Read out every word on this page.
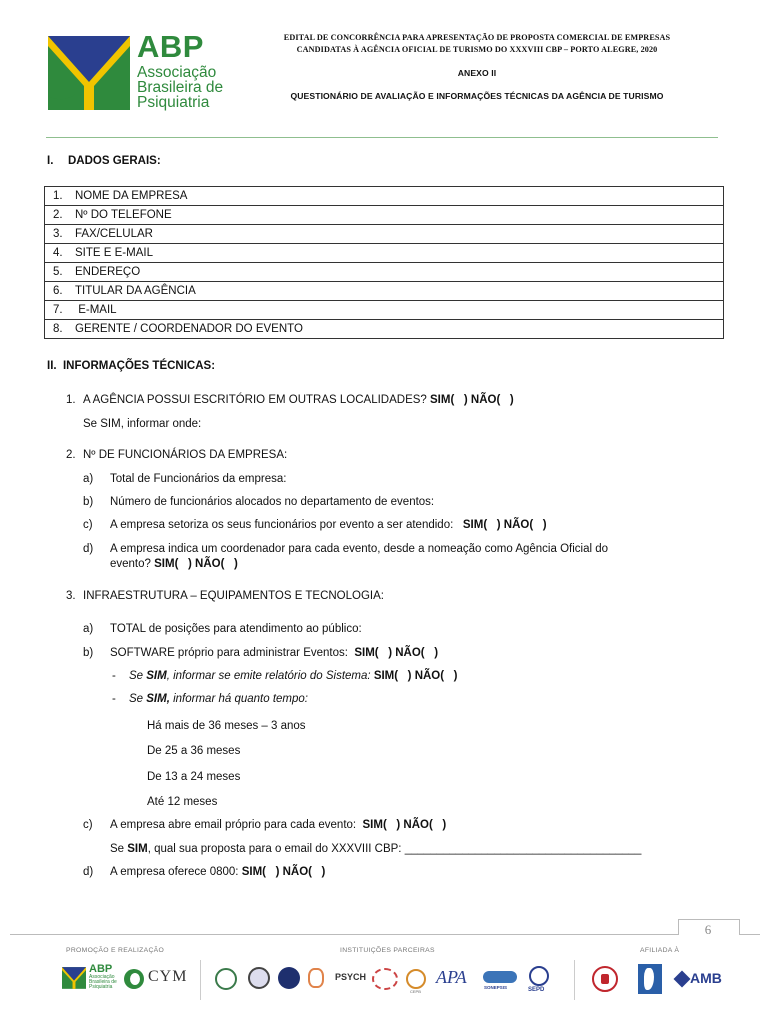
ABP
Associação
Brasileira de
Psiquiatria
EDITAL DE CONCORRÊNCIA PARA APRESENTAÇÃO DE PROPOSTA COMERCIAL DE EMPRESAS
CANDIDATAS À AGÊNCIA OFICIAL DE TURISMO DO XXXVIII CBP – PORTO ALEGRE, 2020
ANEXO II
QUESTIONÁRIO DE AVALIAÇÃO E INFORMAÇÕES TÉCNICAS DA AGÊNCIA DE TURISMO
I. DADOS GERAIS:
1. NOME DA EMPRESA
2. Nº DO TELEFONE
3. FAX/CELULAR
4. SITE E E-MAIL
5. ENDEREÇO
6. TITULAR DA AGÊNCIA
7. E-MAIL
8. GERENTE / COORDENADOR DO EVENTO
II.  INFORMAÇÕES TÉCNICAS:
1. A AGÊNCIA POSSUI ESCRITÓRIO EM OUTRAS LOCALIDADES? SIM(   ) NÃO(   )
Se SIM, informar onde:
2. Nº DE FUNCIONÁRIOS DA EMPRESA:
a) Total de Funcionários da empresa:
b) Número de funcionários alocados no departamento de eventos:
c) A empresa setoriza os seus funcionários por evento a ser atendido: SIM(   ) NÃO(   )
d) A empresa indica um coordenador para cada evento, desde a nomeação como Agência Oficial do
evento? SIM(   ) NÃO(   )
3. INFRAESTRUTURA – EQUIPAMENTOS E TECNOLOGIA:
a) TOTAL de posições para atendimento ao público:
b) SOFTWARE próprio para administrar Eventos: SIM(   ) NÃO(   )
- Se SIM, informar se emite relatório do Sistema: SIM(   ) NÃO(   )
- Se SIM, informar há quanto tempo:
Há mais de 36 meses – 3 anos
De 25 a 36 meses
De 13 a 24 meses
Até 12 meses
c) A empresa abre email próprio para cada evento: SIM(   ) NÃO(   )
Se SIM, qual sua proposta para o email do XXXVIII CBP: _____________________________________
d) A empresa oferece 0800: SIM(   ) NÃO(   )
6
PROMOÇÃO E REALIZAÇÃO	INSTITUIÇÕES PARCEIRAS	AFILIADA À
ABP
Associação
Brasileira de
Psiquiatria
CYM	PSYCH
CEPB
APA
SONEPSIS	SEPD
AMB
